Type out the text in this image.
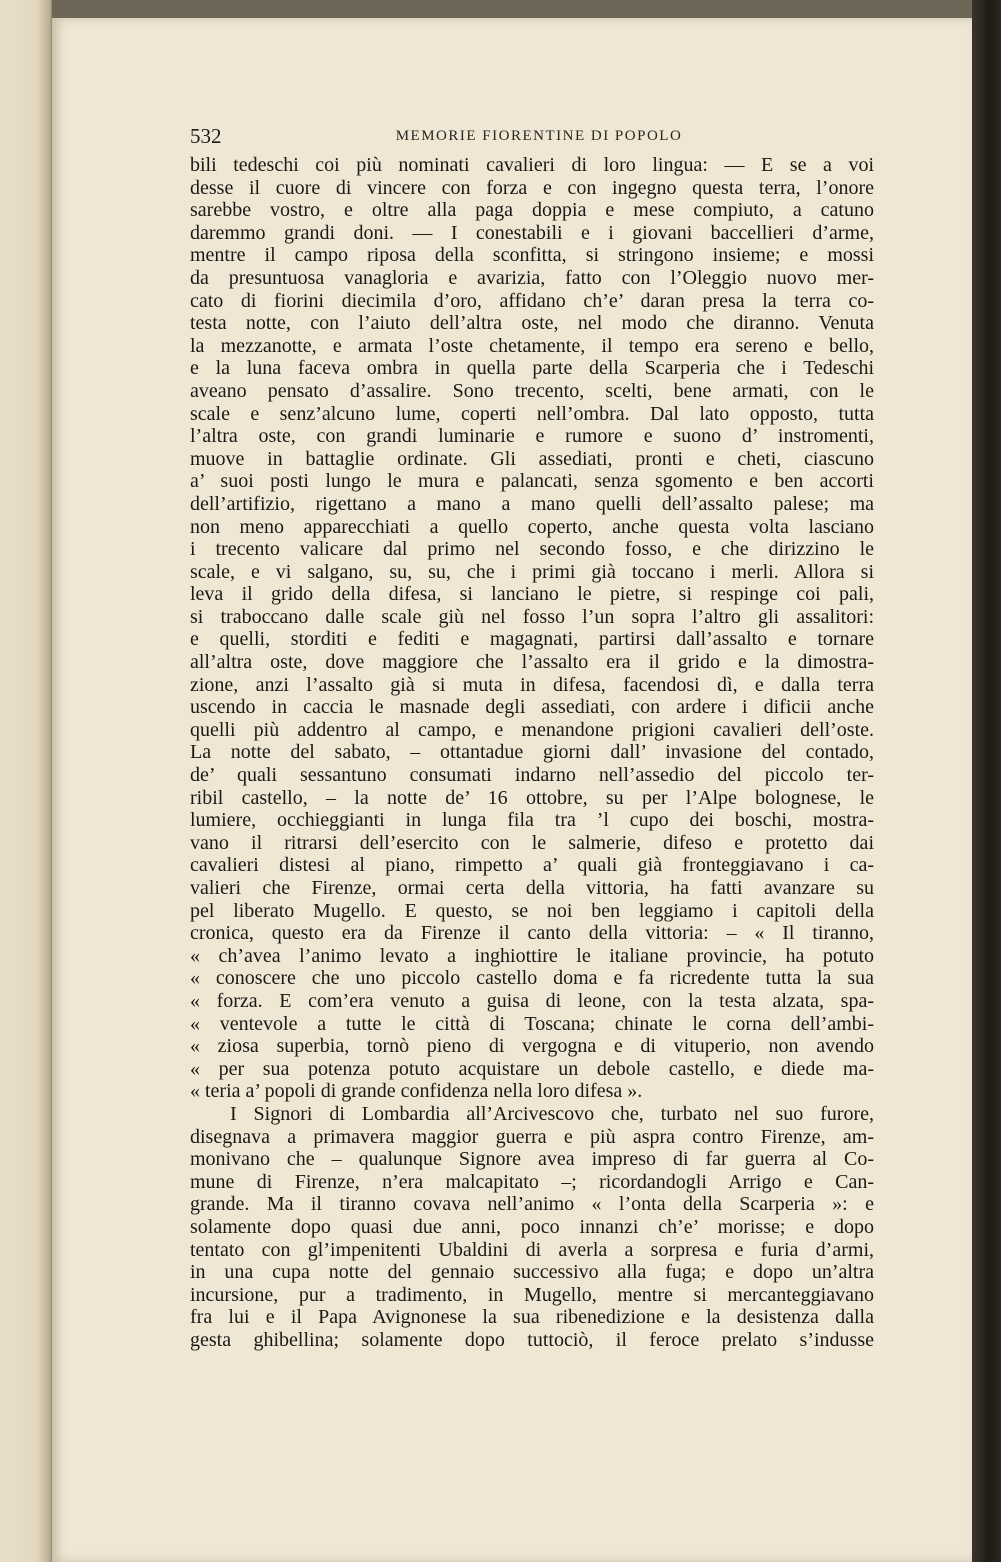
532	MEMORIE FIORENTINE DI POPOLO
bili tedeschi coi più nominati cavalieri di loro lingua: — E se a voi
desse il cuore di vincere con forza e con ingegno questa terra, l’onore
sarebbe vostro, e oltre alla paga doppia e mese compiuto, a catuno
daremmo grandi doni. — I conestabili e i giovani baccellieri d’arme,
mentre il campo riposa della sconfitta, si stringono insieme; e mossi
da presuntuosa vanagloria e avarizia, fatto con l’Oleggio nuovo mer-
cato di fiorini diecimila d’oro, affidano ch’e’ daran presa la terra co-
testa notte, con l’aiuto dell’altra oste, nel modo che diranno. Venuta
la mezzanotte, e armata l’oste chetamente, il tempo era sereno e bello,
e la luna faceva ombra in quella parte della Scarperia che i Tedeschi
aveano pensato d’assalire. Sono trecento, scelti, bene armati, con le
scale e senz’alcuno lume, coperti nell’ombra. Dal lato opposto, tutta
l’altra oste, con grandi luminarie e rumore e suono d’ instromenti,
muove in battaglie ordinate. Gli assediati, pronti e cheti, ciascuno
a’ suoi posti lungo le mura e palancati, senza sgomento e ben accorti
dell’artifizio, rigettano a mano a mano quelli dell’assalto palese; ma
non meno apparecchiati a quello coperto, anche questa volta lasciano
i trecento valicare dal primo nel secondo fosso, e che dirizzino le
scale, e vi salgano, su, su, che i primi già toccano i merli. Allora si
leva il grido della difesa, si lanciano le pietre, si respinge coi pali,
si traboccano dalle scale giù nel fosso l’un sopra l’altro gli assalitori:
e quelli, storditi e fediti e magagnati, partirsi dall’assalto e tornare
all’altra oste, dove maggiore che l’assalto era il grido e la dimostra-
zione, anzi l’assalto già si muta in difesa, facendosi dì, e dalla terra
uscendo in caccia le masnade degli assediati, con ardere i dificii anche
quelli più addentro al campo, e menandone prigioni cavalieri dell’oste.
La notte del sabato, – ottantadue giorni dall’ invasione del contado,
de’ quali sessantuno consumati indarno nell’assedio del piccolo ter-
ribil castello, – la notte de’ 16 ottobre, su per l’Alpe bolognese, le
lumiere, occhieggianti in lunga fila tra ’l cupo dei boschi, mostra-
vano il ritrarsi dell’esercito con le salmerie, difeso e protetto dai
cavalieri distesi al piano, rimpetto a’ quali già fronteggiavano i ca-
valieri che Firenze, ormai certa della vittoria, ha fatti avanzare su
pel liberato Mugello. E questo, se noi ben leggiamo i capitoli della
cronica, questo era da Firenze il canto della vittoria: – « Il tiranno,
« ch’avea l’animo levato a inghiottire le italiane provincie, ha potuto
« conoscere che uno piccolo castello doma e fa ricredente tutta la sua
« forza. E com’era venuto a guisa di leone, con la testa alzata, spa-
« ventevole a tutte le città di Toscana; chinate le corna dell’ambi-
« ziosa superbia, tornò pieno di vergogna e di vituperio, non avendo
« per sua potenza potuto acquistare un debole castello, e diede ma-
« teria a’ popoli di grande confidenza nella loro difesa ».
I Signori di Lombardia all’Arcivescovo che, turbato nel suo furore,
disegnava a primavera maggior guerra e più aspra contro Firenze, am-
monivano che – qualunque Signore avea impreso di far guerra al Co-
mune di Firenze, n’era malcapitato –; ricordandogli Arrigo e Can-
grande. Ma il tiranno covava nell’animo « l’onta della Scarperia »: e
solamente dopo quasi due anni, poco innanzi ch’e’ morisse; e dopo
tentato con gl’impenitenti Ubaldini di averla a sorpresa e furia d’armi,
in una cupa notte del gennaio successivo alla fuga; e dopo un’altra
incursione, pur a tradimento, in Mugello, mentre si mercanteggiavano
fra lui e il Papa Avignonese la sua ribenedizione e la desistenza dalla
gesta ghibellina; solamente dopo tuttociò, il feroce prelato s’indusse
